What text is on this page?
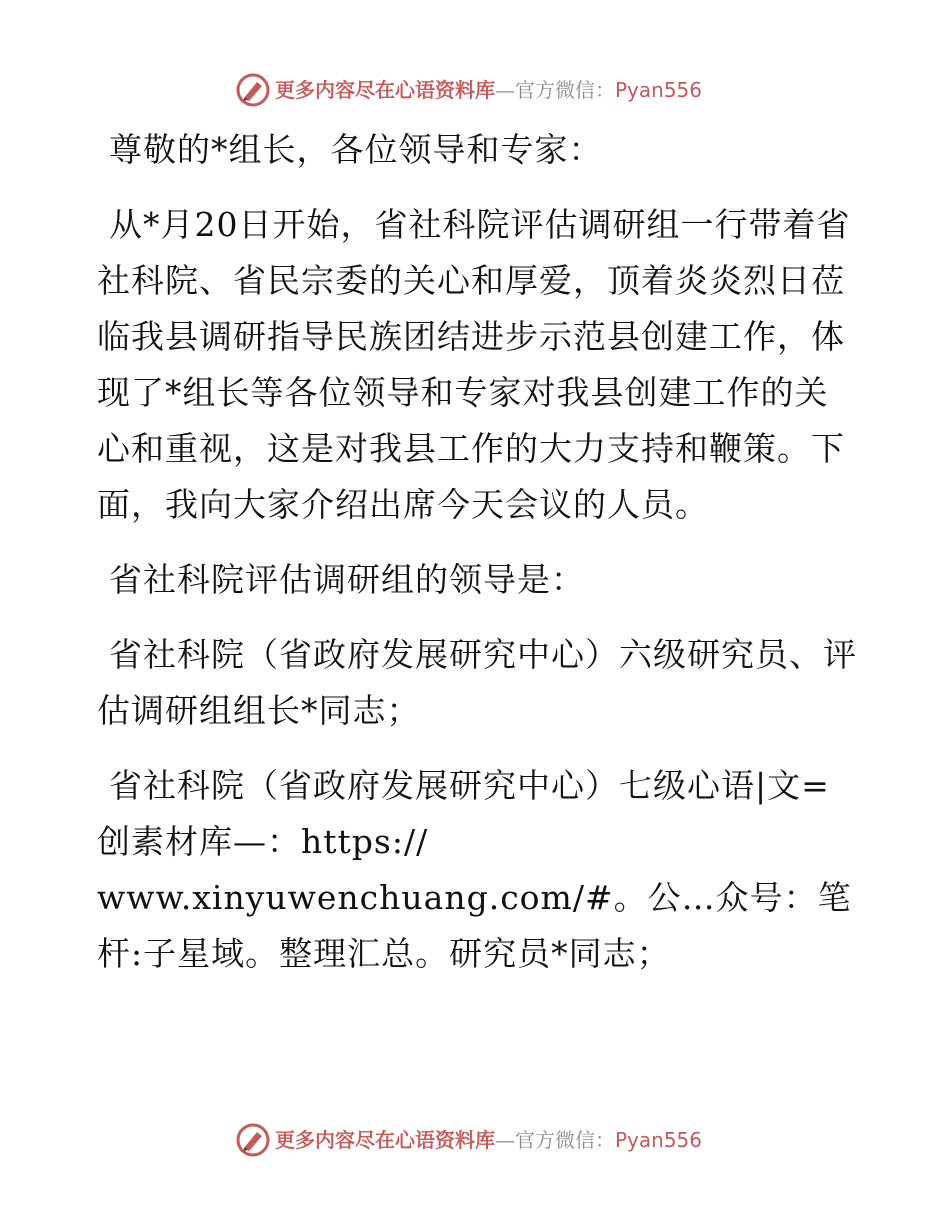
更多内容尽在心语资料库—官方微信：Pyan556

尊敬的*组长，各位领导和专家：

从*月20日开始，省社科院评估调研组一行带着省社科院、省民宗委的关心和厚爱，顶着炎炎烈日莅临我县调研指导民族团结进步示范县创建工作，体现了*组长等各位领导和专家对我县创建工作的关心和重视，这是对我县工作的大力支持和鞭策。下面，我向大家介绍出席今天会议的人员。

省社科院评估调研组的领导是：

省社科院（省政府发展研究中心）六级研究员、评估调研组组长*同志；

省社科院（省政府发展研究中心）七级心语|文=创素材库—：https://

www.xinyuwenchuang.com/#。公…众号：笔杆:子星域。整理汇总。研究员*同志；

更多内容尽在心语资料库—官方微信：Pyan556
